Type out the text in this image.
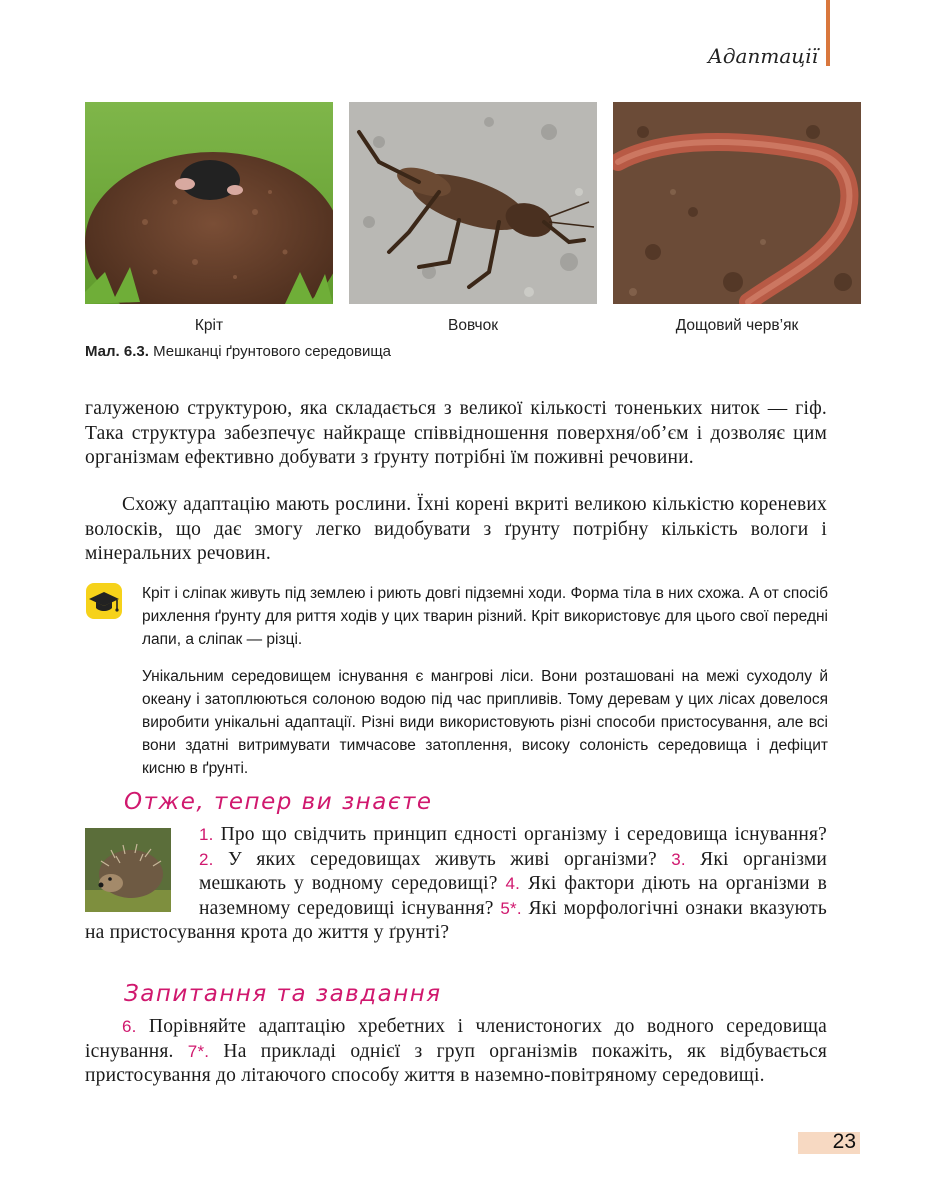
Адаптації
Кріт	Вовчок	Дощовий черв’як
Мал. 6.3. Мешканці ґрунтового середовища
галуженою структурою, яка складається з великої кількості тоненьких ниток — гіф. Така структура забезпечує найкраще співвідношення поверхня/об’єм і дозволяє цим організмам ефективно добувати з ґрунту потрібні їм поживні речовини.
Схожу адаптацію мають рослини. Їхні корені вкриті великою кількістю кореневих волосків, що дає змогу легко видобувати з ґрунту потрібну кількість вологи і мінеральних речовин.
Кріт і сліпак живуть під землею і риють довгі підземні ходи. Форма тіла в них схожа. А от спосіб рихлення ґрунту для риття ходів у цих тварин різний. Кріт використовує для цього свої передні лапи, а сліпак — різці.
Унікальним середовищем існування є мангрові ліси. Вони розташовані на межі суходолу й океану і затоплюються солоною водою під час припливів. Тому деревам у цих лісах довелося виробити унікальні адаптації. Різні види використовують різні способи пристосування, але всі вони здатні витримувати тимчасове затоплення, високу солоність середовища і дефіцит кисню в ґрунті.
Отже, тепер ви знаєте
1. Про що свідчить принцип єдності організму і середовища існування? 2. У яких середовищах живуть живі організми? 3. Які організми мешкають у водному середовищі? 4. Які фактори діють на організми в наземному середовищі існування? 5*. Які морфологічні ознаки вказують на пристосування крота до життя у ґрунті?
Запитання та завдання
6. Порівняйте адаптацію хребетних і членистоногих до водного середовища існування. 7*. На прикладі однієї з груп організмів покажіть, як відбувається пристосування до літаючого способу життя в наземно-повітряному середовищі.
23
